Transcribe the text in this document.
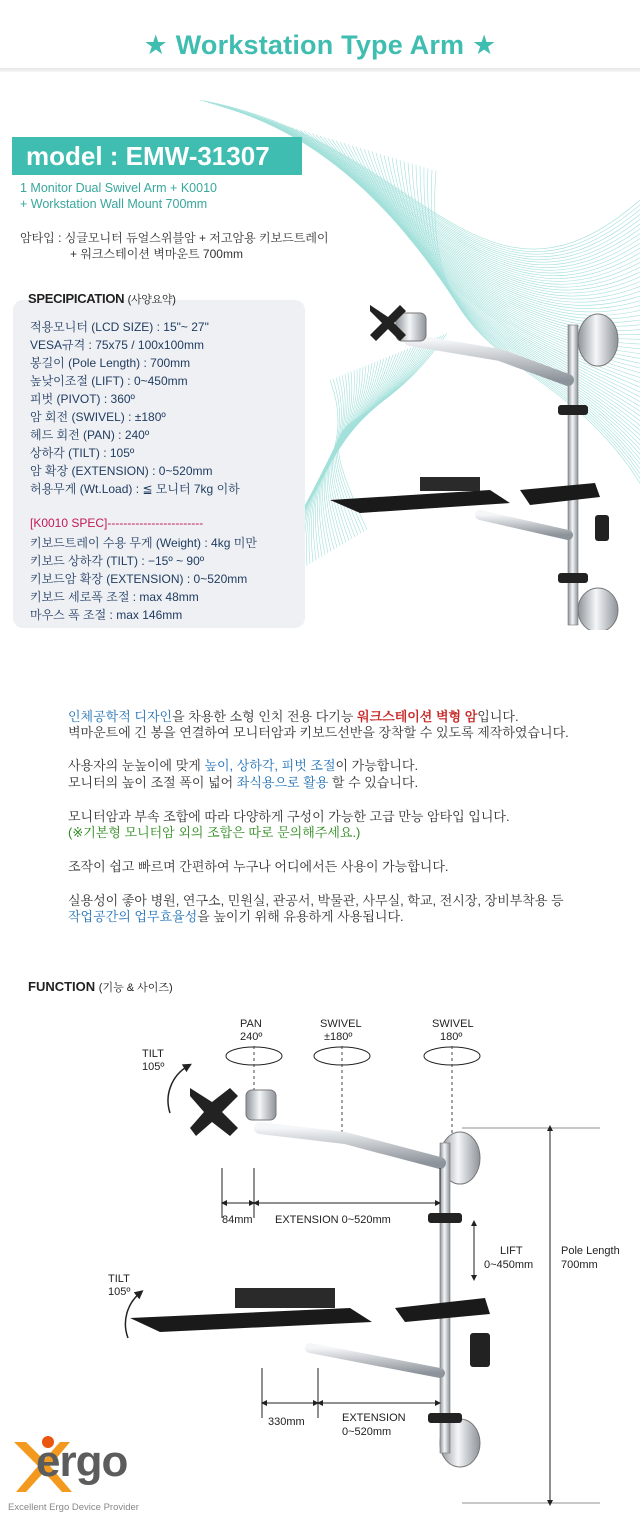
★ Workstation Type Arm ★
model : EMW-31307
1 Monitor Dual Swivel Arm + K0010
+ Workstation Wall Mount 700mm
암타입 : 싱글모니터 듀얼스위블암 + 저고암용 키보드트레이
+ 워크스테이션 벽마운트 700mm
SPECIPICATION (사양요약)
적용모니터 (LCD SIZE) : 15"~ 27"
VESA규격 : 75x75 / 100x100mm
봉길이 (Pole Length) : 700mm
높낮이조절 (LIFT) : 0~450mm
피벗 (PIVOT) : 360º
암 회전 (SWIVEL) : ±180º
헤드 회전 (PAN) : 240º
상하각 (TILT) : 105º
암 확장 (EXTENSION) : 0~520mm
허용무게 (Wt.Load) : ≦ 모니터 7kg 이하
[K0010 SPEC]------------------------
키보드트레이 수용 무게 (Weight) : 4kg 미만
키보드 상하각 (TILT) : −15º ~ 90º
키보드암 확장 (EXTENSION) : 0~520mm
키보드 세로폭 조절 : max 48mm
마우스 폭 조절 : max 146mm
인체공학적 디자인을 차용한 소형 인치 전용 다기능 워크스테이션 벽형 암입니다.
벽마운트에 긴 봉을 연결하여 모니터암과 키보드선반을 장착할 수 있도록 제작하였습니다.
사용자의 눈높이에 맞게 높이, 상하각, 피벗 조절이 가능합니다.
모니터의 높이 조절 폭이 넓어 좌식용으로 활용 할 수 있습니다.
모니터암과 부속 조합에 따라 다양하게 구성이 가능한 고급 만능 암타입 입니다.
(※기본형 모니터암 외의 조합은 따로 문의해주세요.)
조작이 쉽고 빠르며 간편하여 누구나 어디에서든 사용이 가능합니다.
실용성이 좋아 병원, 연구소, 민원실, 관공서, 박물관, 사무실, 학교, 전시장, 장비부착용 등
작업공간의 업무효율성을 높이기 위해 유용하게 사용됩니다.
FUNCTION (기능 & 사이즈)
PAN
240º
SWIVEL
±180º
SWIVEL
180º
TILT
105º
TILT
105º
84mm EXTENSION 0~520mm
LIFT
0~450mm
Pole Length
700mm
330mm	EXTENSION
0~520mm
ergo
Excellent Ergo Device Provider
